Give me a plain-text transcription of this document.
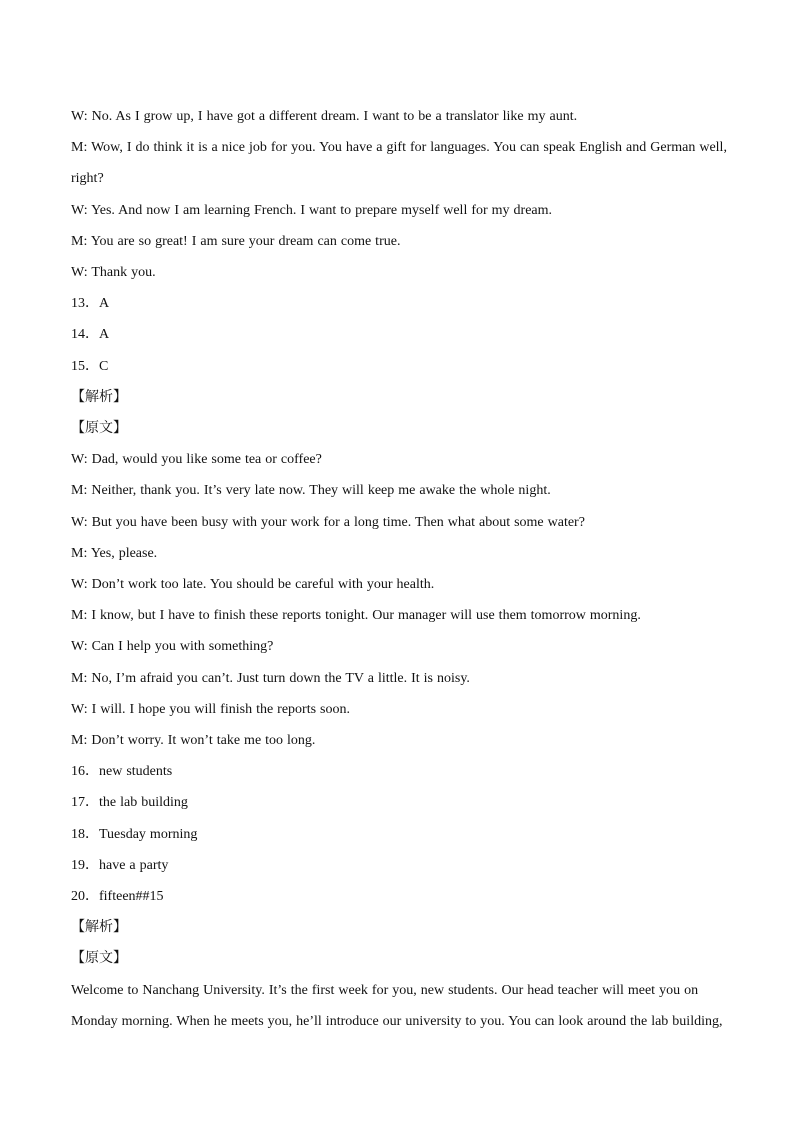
W: No. As I grow up, I have got a different dream. I want to be a translator like my aunt.
M: Wow, I do think it is a nice job for you. You have a gift for languages. You can speak English and German well,
right?
W: Yes. And now I am learning French. I want to prepare myself well for my dream.
M: You are so great! I am sure your dream can come true.
W: Thank you.
13．A
14．A
15．C
【解析】
【原文】
W: Dad, would you like some tea or coffee?
M: Neither, thank you. It’s very late now. They will keep me awake the whole night.
W: But you have been busy with your work for a long time. Then what about some water?
M: Yes, please.
W: Don’t work too late. You should be careful with your health.
M: I know, but I have to finish these reports tonight. Our manager will use them tomorrow morning.
W: Can I help you with something?
M: No, I’m afraid you can’t. Just turn down the TV a little. It is noisy.
W: I will. I hope you will finish the reports soon.
M: Don’t worry. It won’t take me too long.
16．new students
17．the lab building
18．Tuesday morning
19．have a party
20．fifteen##15
【解析】
【原文】
Welcome to Nanchang University. It’s the first week for you, new students. Our head teacher will meet you on
Monday morning. When he meets you, he’ll introduce our university to you. You can look around the lab building,
